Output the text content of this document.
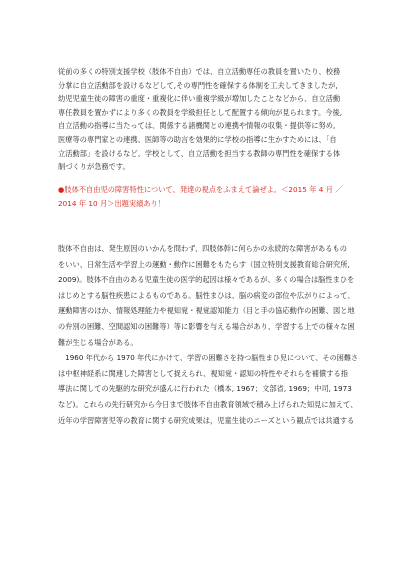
従前の多くの特別支援学校（肢体不自由）では、自立活動専任の教員を置いたり、校務
分掌に自立活動部を設けるなどして,その専門性を確保する体制を工夫してきましたが,
幼児児童生徒の障害の重度・重複化に伴い重複学級が増加したことなどから、自立活動
専任教員を置かずにより多くの教員を学級担任として配置する傾向が見られます。今後,
自立活動の指導に当たっては、関係する諸機関との連携や情報の収集・提供等に努め,
医療等の専門家との連携、医師等の助言を効果的に学校の指導に生かすためには、「自
立活動部」を設けるなど、学校として、自立活動を担当する教師の専門性を確保する体
制づくりが急務です。
●肢体不自由児の障害特性について、発達の視点をふまえて論ぜよ。＜2015 年 4 月 ／
2014 年 10 月＞出題実績あり！
肢体不自由は、発生原因のいかんを問わず、四肢体幹に何らかの永続的な障害があるもの
をいい、日常生活や学習上の運動・動作に困難をもたらす（国立特別支援教育総合研究所,
2009)。肢体不自由のある児童生徒の医学的起因は様々であるが、多くの場合は脳性まひを
はじめとする脳性疾患によるものである。脳性まひは、脳の病変の部位や広がりによって、
運動障害のほか、情報処理能力や視知覚・視覚認知能力（目と手の協応動作の困難、図と地
の弁別の困難、空間認知の困難等）等に影響を与える場合があり、学習する上での様々な困
難が生じる場合がある。
　1960 年代から 1970 年代にかけて、学習の困難さを持つ脳性まひ児について、その困難さ
は中枢神経系に関連した障害として捉えられ、視知覚・認知の特性やそれらを補償する指
導法に関しての先駆的な研究が盛んに行われた（橋本, 1967；文部省, 1969；中司, 1973
など)。これらの先行研究から今日まで肢体不自由教育領域で積み上げられた知見に加えて、
近年の学習障害児等の教育に関する研究成果は，児童生徒のニーズという観点では共通する
